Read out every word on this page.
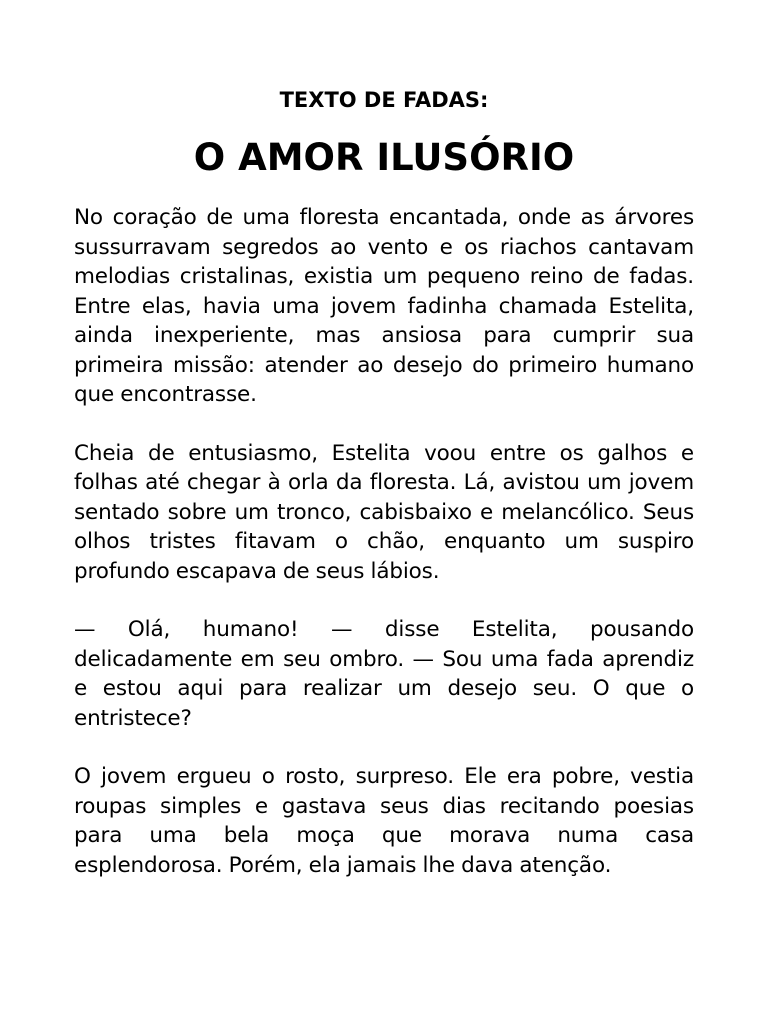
TEXTO DE FADAS:
O AMOR ILUSÓRIO

No coração de uma floresta encantada, onde as árvores sussurravam segredos ao vento e os riachos cantavam melodias cristalinas, existia um pequeno reino de fadas. Entre elas, havia uma jovem fadinha chamada Estelita, ainda inexperiente, mas ansiosa para cumprir sua primeira missão: atender ao desejo do primeiro humano que encontrasse.

Cheia de entusiasmo, Estelita voou entre os galhos e folhas até chegar à orla da floresta. Lá, avistou um jovem sentado sobre um tronco, cabisbaixo e melancólico. Seus olhos tristes fitavam o chão, enquanto um suspiro profundo escapava de seus lábios.

— Olá, humano! — disse Estelita, pousando delicadamente em seu ombro. — Sou uma fada aprendiz e estou aqui para realizar um desejo seu. O que o entristece?

O jovem ergueu o rosto, surpreso. Ele era pobre, vestia roupas simples e gastava seus dias recitando poesias para uma bela moça que morava numa casa esplendorosa. Porém, ela jamais lhe dava atenção.
